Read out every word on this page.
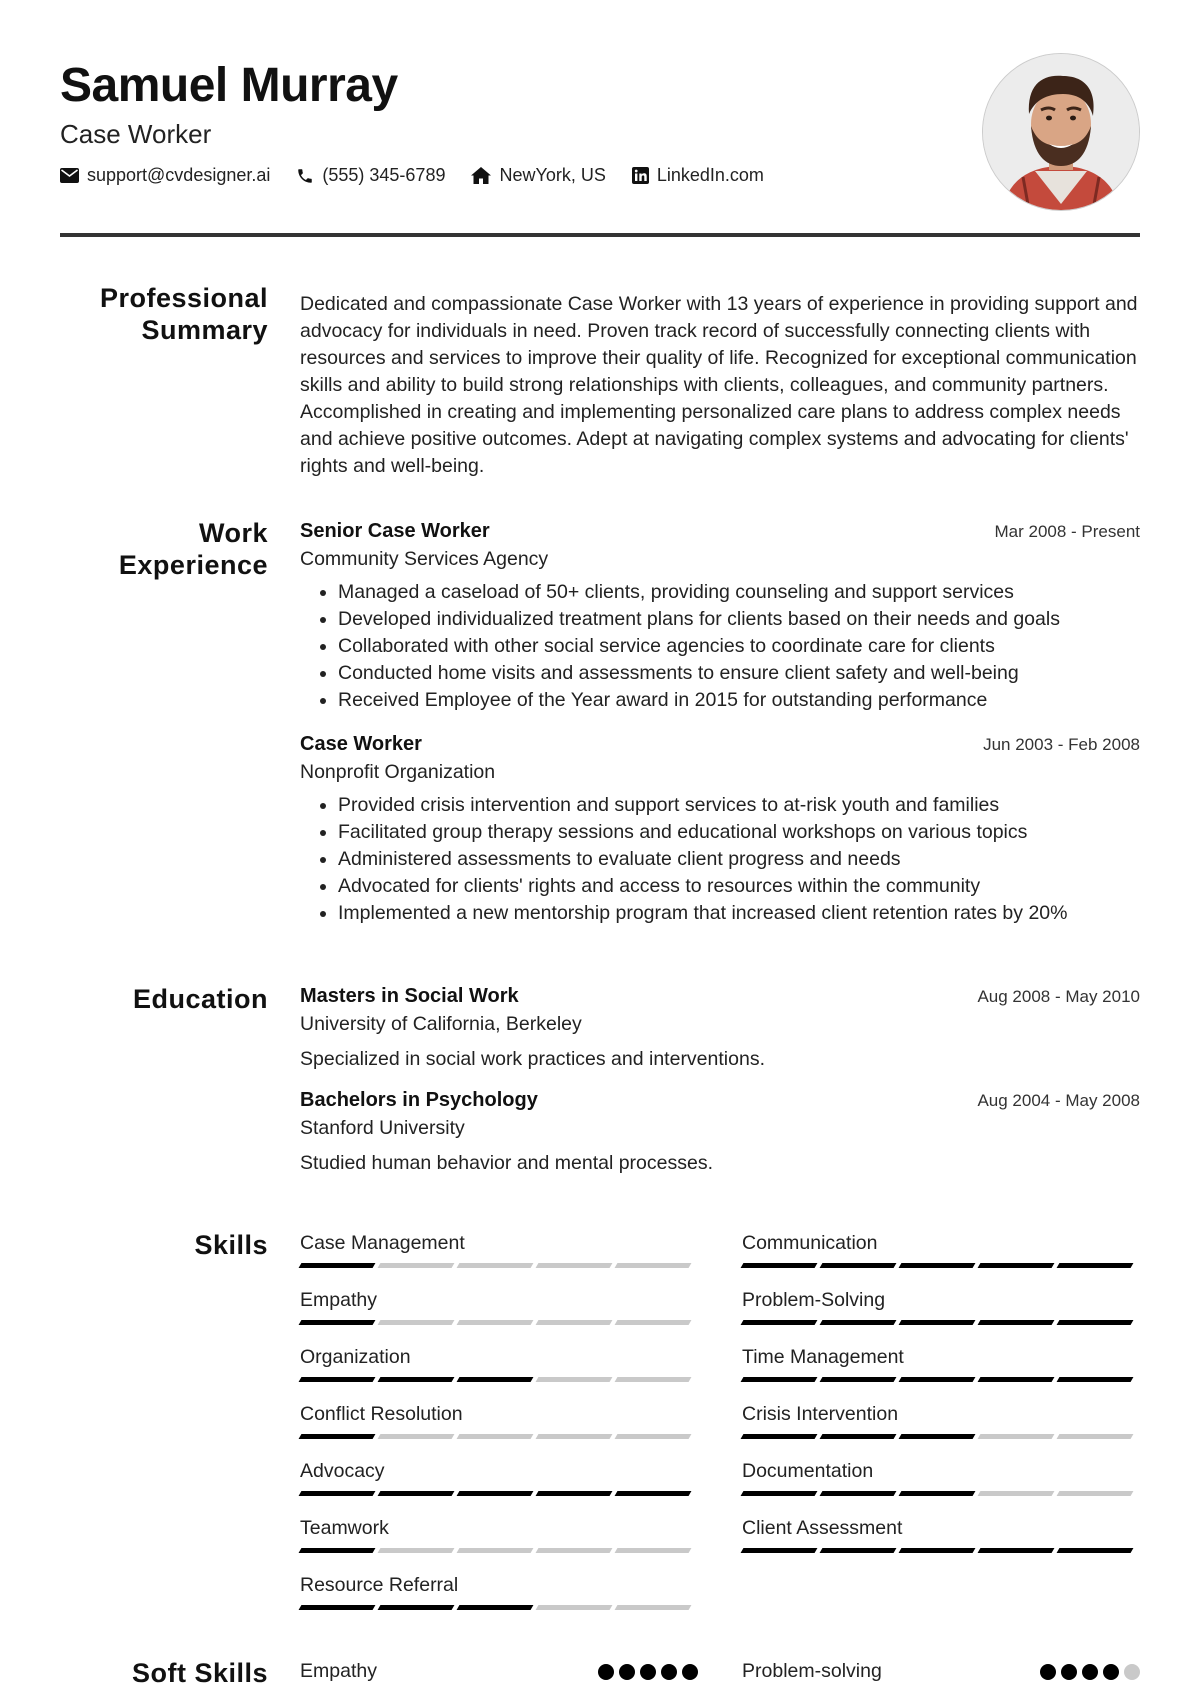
Samuel Murray
Case Worker
support@cvdesigner.ai	(555) 345-6789	NewYork, US	LinkedIn.com
Professional
Summary
Dedicated and compassionate Case Worker with 13 years of experience in providing support and advocacy for individuals in need. Proven track record of successfully connecting clients with resources and services to improve their quality of life. Recognized for exceptional communication skills and ability to build strong relationships with clients, colleagues, and community partners. Accomplished in creating and implementing personalized care plans to address complex needs and achieve positive outcomes. Adept at navigating complex systems and advocating for clients' rights and well-being.
Work
Experience
Senior Case Worker	Mar 2008 - Present
Community Services Agency
• Managed a caseload of 50+ clients, providing counseling and support services
• Developed individualized treatment plans for clients based on their needs and goals
• Collaborated with other social service agencies to coordinate care for clients
• Conducted home visits and assessments to ensure client safety and well-being
• Received Employee of the Year award in 2015 for outstanding performance
Case Worker	Jun 2003 - Feb 2008
Nonprofit Organization
• Provided crisis intervention and support services to at-risk youth and families
• Facilitated group therapy sessions and educational workshops on various topics
• Administered assessments to evaluate client progress and needs
• Advocated for clients' rights and access to resources within the community
• Implemented a new mentorship program that increased client retention rates by 20%
Education Masters in Social Work	Aug 2008 - May 2010
University of California, Berkeley
Specialized in social work practices and interventions.
Bachelors in Psychology	Aug 2004 - May 2008
Stanford University
Studied human behavior and mental processes.
Skills Case Management	Communication
Empathy	Problem-Solving
Organization	Time Management
Conflict Resolution	Crisis Intervention
Advocacy	Documentation
Teamwork	Client Assessment
Resource Referral
Soft Skills Empathy	Problem-solving
